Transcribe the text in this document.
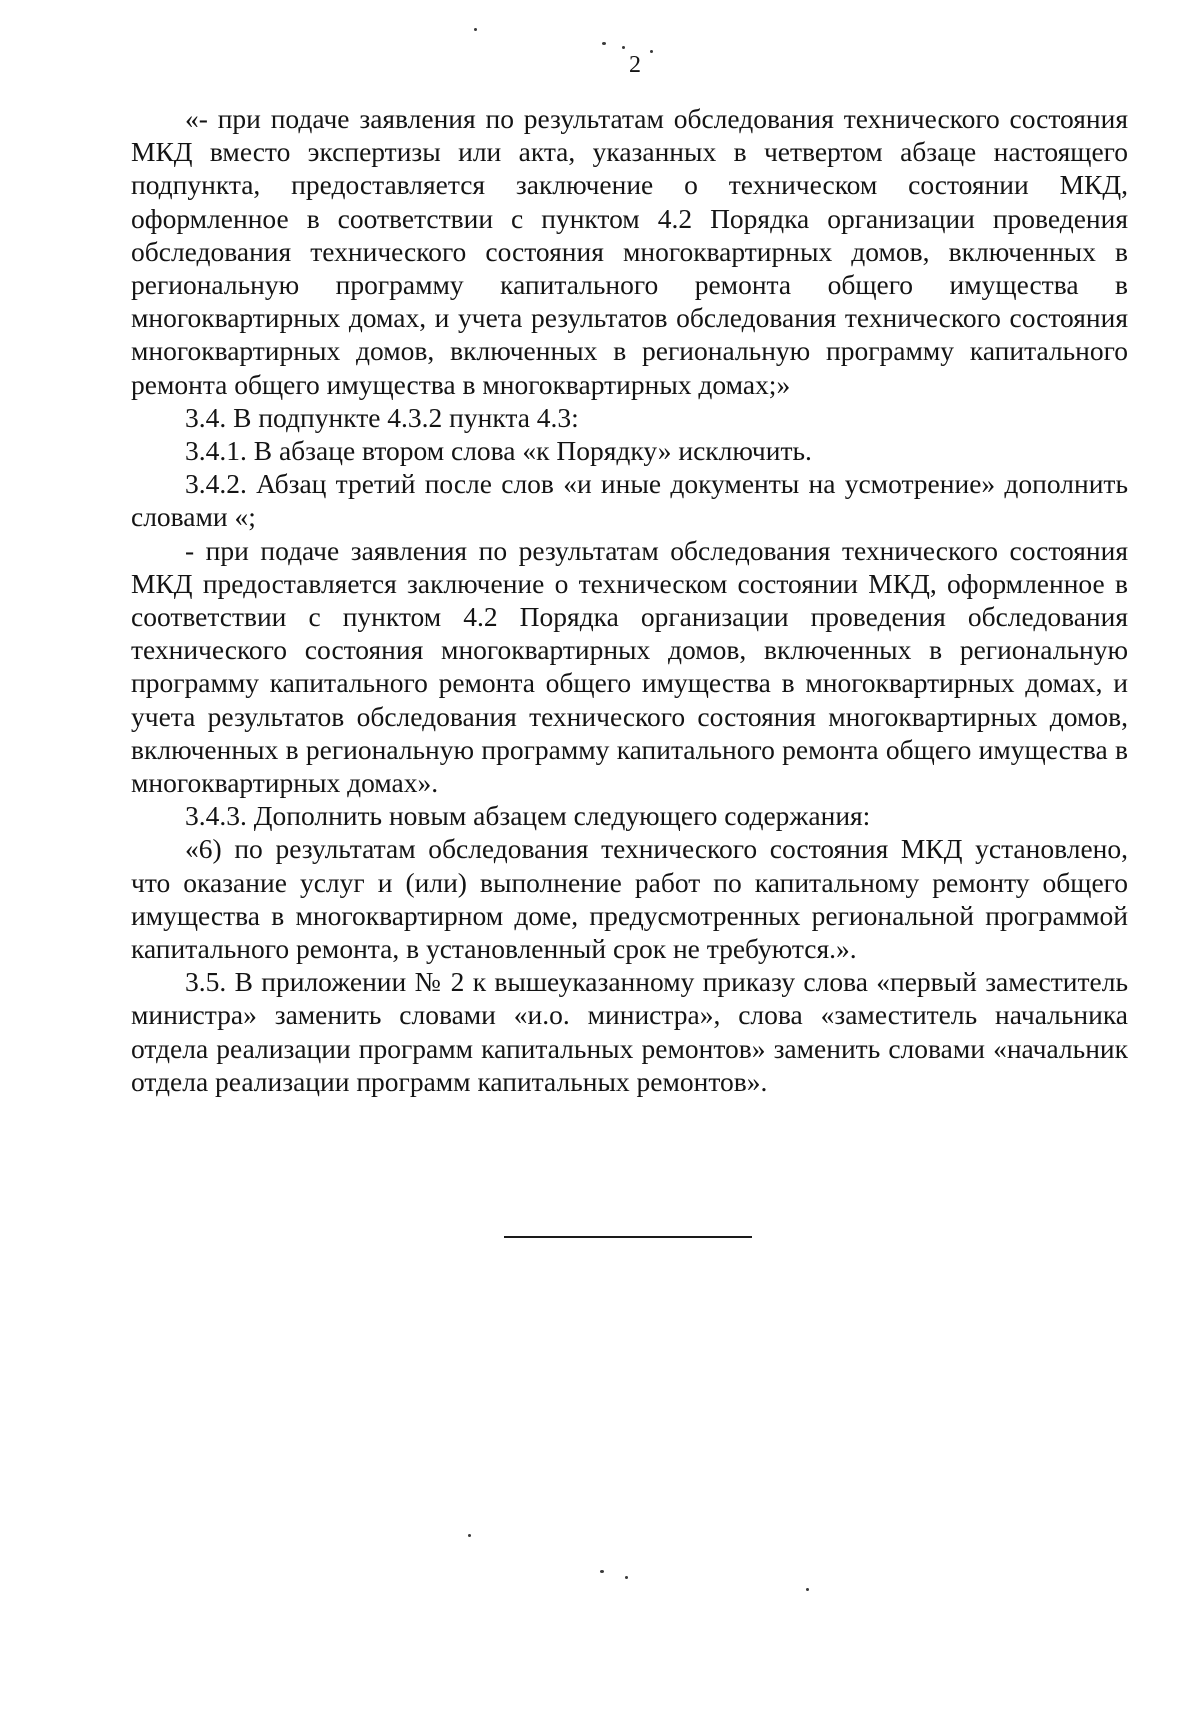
2

«- при подаче заявления по результатам обследования технического состояния МКД вместо экспертизы или акта, указанных в четвертом абзаце настоящего подпункта, предоставляется заключение о техническом состоянии МКД, оформленное в соответствии с пунктом 4.2 Порядка организации проведения обследования технического состояния многоквартирных домов, включенных в региональную программу капитального ремонта общего имущества в многоквартирных домах, и учета результатов обследования технического состояния многоквартирных домов, включенных в региональную программу капитального ремонта общего имущества в многоквартирных домах;»

3.4. В подпункте 4.3.2 пункта 4.3:

3.4.1. В абзаце втором слова «к Порядку» исключить.

3.4.2. Абзац третий после слов «и иные документы на усмотрение» дополнить словами «;

- при подаче заявления по результатам обследования технического состояния МКД предоставляется заключение о техническом состоянии МКД, оформленное в соответствии с пунктом 4.2 Порядка организации проведения обследования технического состояния многоквартирных домов, включенных в региональную программу капитального ремонта общего имущества в многоквартирных домах, и учета результатов обследования технического состояния многоквартирных домов, включенных в региональную программу капитального ремонта общего имущества в многоквартирных домах».

3.4.3. Дополнить новым абзацем следующего содержания:

«6) по результатам обследования технического состояния МКД установлено, что оказание услуг и (или) выполнение работ по капитальному ремонту общего имущества в многоквартирном доме, предусмотренных региональной программой капитального ремонта, в установленный срок не требуются.».

3.5. В приложении № 2 к вышеуказанному приказу слова «первый заместитель министра» заменить словами «и.о. министра», слова «заместитель начальника отдела реализации программ капитальных ремонтов» заменить словами «начальник отдела реализации программ капитальных ремонтов».
